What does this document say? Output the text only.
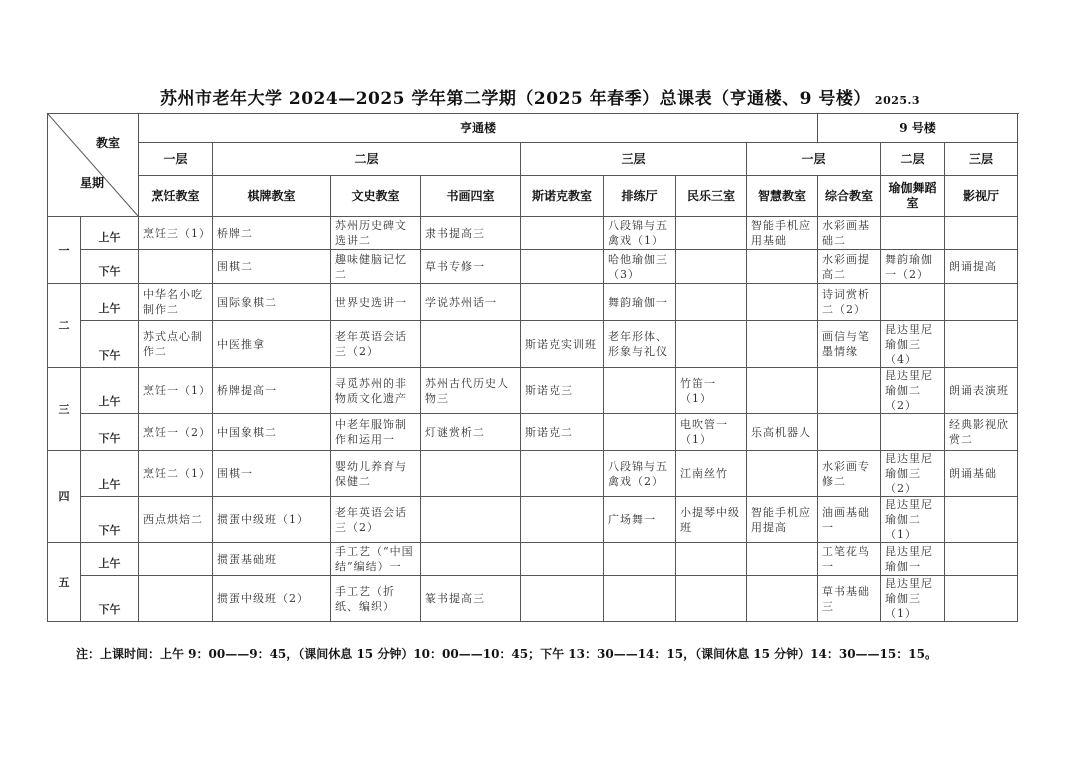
苏州市老年大学 2024—2025 学年第二学期（2025 年春季）总课表（亨通楼、9 号楼） 2025.3
教室
星期		亨通楼								9 号楼		
		一层	二层			三层			一层		二层	三层
		烹饪教室	棋牌教室	文史教室	书画四室	斯诺克教室	排练厅	民乐三室	智慧教室	综合教室	瑜伽舞蹈室	影视厅
一	上午	烹饪三（1）	桥牌二	苏州历史碑文选讲二	隶书提高三		八段锦与五禽戏（1）		智能手机应用基础	水彩画基础二		
	下午		围棋二	趣味健脑记忆二	草书专修一		哈他瑜伽三（3）			水彩画提高二	舞韵瑜伽一（2）	朗诵提高
二	上午	中华名小吃制作二	国际象棋二	世界史选讲一	学说苏州话一		舞韵瑜伽一			诗词赏析二（2）		
	下午	苏式点心制作二	中医推拿	老年英语会话三（2）		斯诺克实训班	老年形体、形象与礼仪			画信与笔墨情缘	昆达里尼瑜伽三（4）	
三	上午	烹饪一（1）	桥牌提高一	寻觅苏州的非物质文化遗产	苏州古代历史人物三	斯诺克三		竹笛一（1）			昆达里尼瑜伽二（2）	朗诵表演班
	下午	烹饪一（2）	中国象棋二	中老年服饰制作和运用一	灯谜赏析二	斯诺克二		电吹管一（1）	乐高机器人			经典影视欣赏二
四	上午	烹饪二（1）	围棋一	婴幼儿养育与保健二			八段锦与五禽戏（2）	江南丝竹		水彩画专修二	昆达里尼瑜伽三（2）	朗诵基础
	下午	西点烘焙二	掼蛋中级班（1）	老年英语会话三（2）			广场舞一	小提琴中级班	智能手机应用提高	油画基础一	昆达里尼瑜伽二（1）	
五	上午		掼蛋基础班	手工艺（“中国结”编结）一						工笔花鸟一	昆达里尼瑜伽一	
	下午		掼蛋中级班（2）	手工艺（折纸、编织）	篆书提高三					草书基础三	昆达里尼瑜伽三（1）	
注：上课时间：上午 9：00——9：45，（课间休息 15 分钟）10：00——10：45；下午 13：30——14：15，（课间休息 15 分钟）14：30——15：15。
